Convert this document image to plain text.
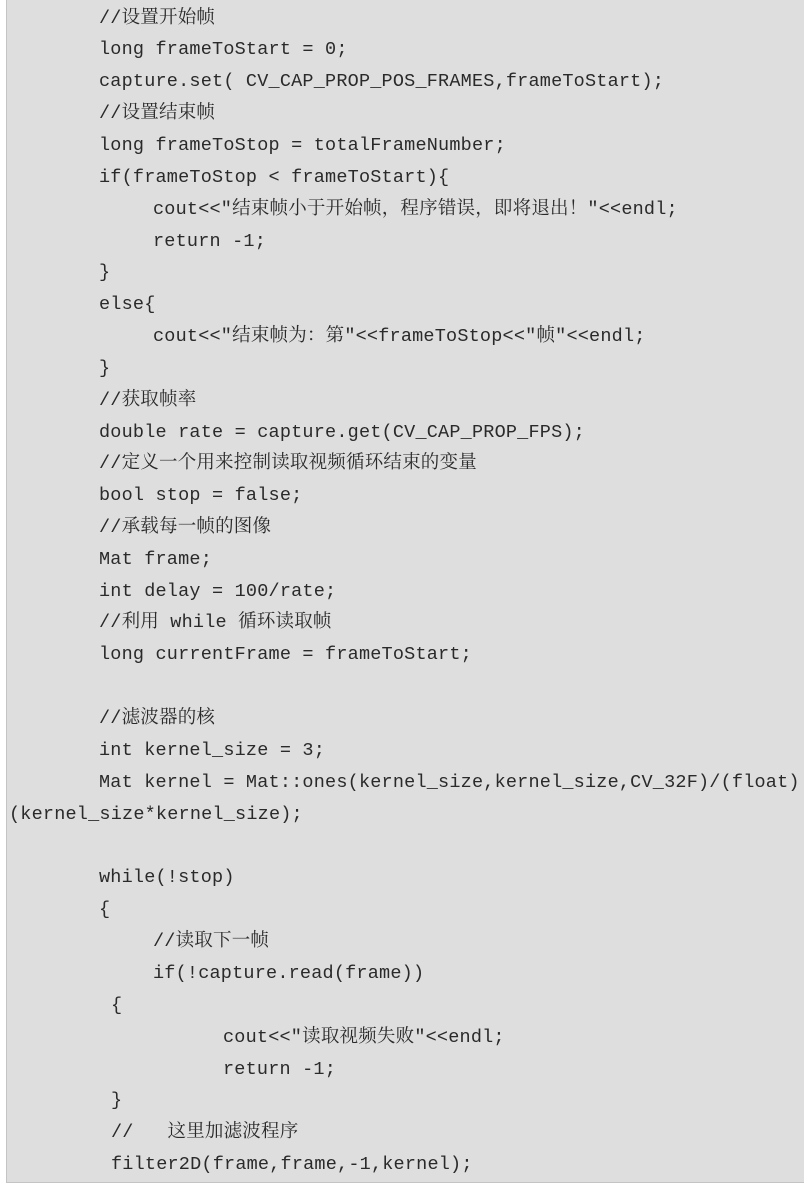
//设置开始帧
long frameToStart = 0;
capture.set( CV_CAP_PROP_POS_FRAMES,frameToStart);
//设置结束帧
long frameToStop = totalFrameNumber;
if(frameToStop < frameToStart){
cout<<"结束帧小于开始帧，程序错误，即将退出！"<<endl;
return -1;
}
else{
cout<<"结束帧为：第"<<frameToStop<<"帧"<<endl;
}
//获取帧率
double rate = capture.get(CV_CAP_PROP_FPS);
//定义一个用来控制读取视频循环结束的变量
bool stop = false;
//承载每一帧的图像
Mat frame;
int delay = 100/rate;
//利用 while 循环读取帧
long currentFrame = frameToStart;
//滤波器的核
int kernel_size = 3;
Mat kernel = Mat::ones(kernel_size,kernel_size,CV_32F)/(float)
(kernel_size*kernel_size);
while(!stop)
{
//读取下一帧
if(!capture.read(frame))
{
cout<<"读取视频失败"<<endl;
return -1;
}
//   这里加滤波程序
filter2D(frame,frame,-1,kernel);
